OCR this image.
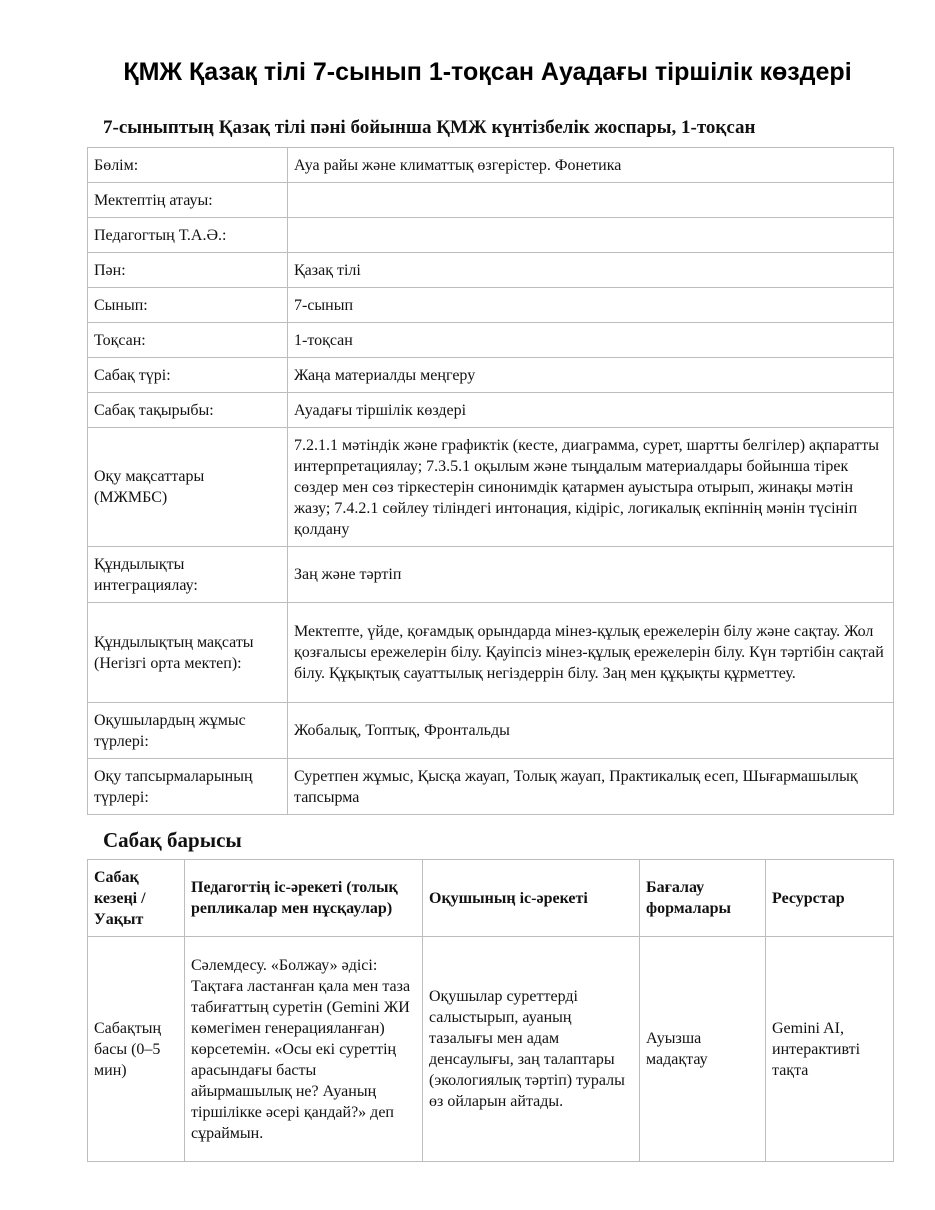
ҚМЖ Қазақ тілі 7-сынып 1-тоқсан Ауадағы тіршілік көздері
7-сыныптың Қазақ тілі пәні бойынша ҚМЖ күнтізбелік жоспары, 1-тоқсан
Бөлім:	Ауа райы және климаттық өзгерістер. Фонетика
Мектептің атауы:	
Педагогтың Т.А.Ә.:	
Пән:	Қазақ тілі
Сынып:	7-сынып
Тоқсан:	1-тоқсан
Сабақ түрі:	Жаңа материалды меңгеру
Сабақ тақырыбы:	Ауадағы тіршілік көздері
Оқу мақсаттары (МЖМБС)	7.2.1.1 мәтіндік және графиктік (кесте, диаграмма, сурет, шартты белгілер) ақпаратты интерпретациялау; 7.3.5.1 оқылым және тыңдалым материалдары бойынша тірек сөздер мен сөз тіркестерін синонимдік қатармен ауыстыра отырып, жинақы мәтін жазу; 7.4.2.1 сөйлеу тіліндегі интонация, кідіріс, логикалық екпіннің мәнін түсініп қолдану
Құндылықты интеграциялау:	Заң және тәртіп
Құндылықтың мақсаты (Негізгі орта мектеп):	Мектепте, үйде, қоғамдық орындарда мінез-құлық ережелерін білу және сақтау. Жол қозғалысы ережелерін білу. Қауіпсіз мінез-құлық ережелерін білу. Күн тәртібін сақтай білу. Құқықтық сауаттылық негіздеррін білу. Заң мен құқықты құрметтеу.
Оқушылардың жұмыс түрлері:	Жобалық, Топтық, Фронтальды
Оқу тапсырмаларының түрлері:	Суретпен жұмыс, Қысқа жауап, Толық жауап, Практикалық есеп, Шығармашылық тапсырма
Сабақ барысы
Сабақ кезеңі / Уақыт	Педагогтің іс-әрекеті (толық репликалар мен нұсқаулар)	Оқушының іс-әрекеті	Бағалау формалары	Ресурстар
Сабақтың басы (0–5 мин)	Сәлемдесу. «Болжау» әдісі: Тақтаға ластанған қала мен таза табиғаттың суретін (Gemini ЖИ көмегімен генерацияланған) көрсетемін. «Осы екі суреттің арасындағы басты айырмашылық не? Ауаның тіршілікке әсері қандай?» деп сұраймын.	Оқушылар суреттерді салыстырып, ауаның тазалығы мен адам денсаулығы, заң талаптары (экологиялық тәртіп) туралы өз ойларын айтады.	Ауызша мадақтау	Gemini AI, интерактивті тақта
